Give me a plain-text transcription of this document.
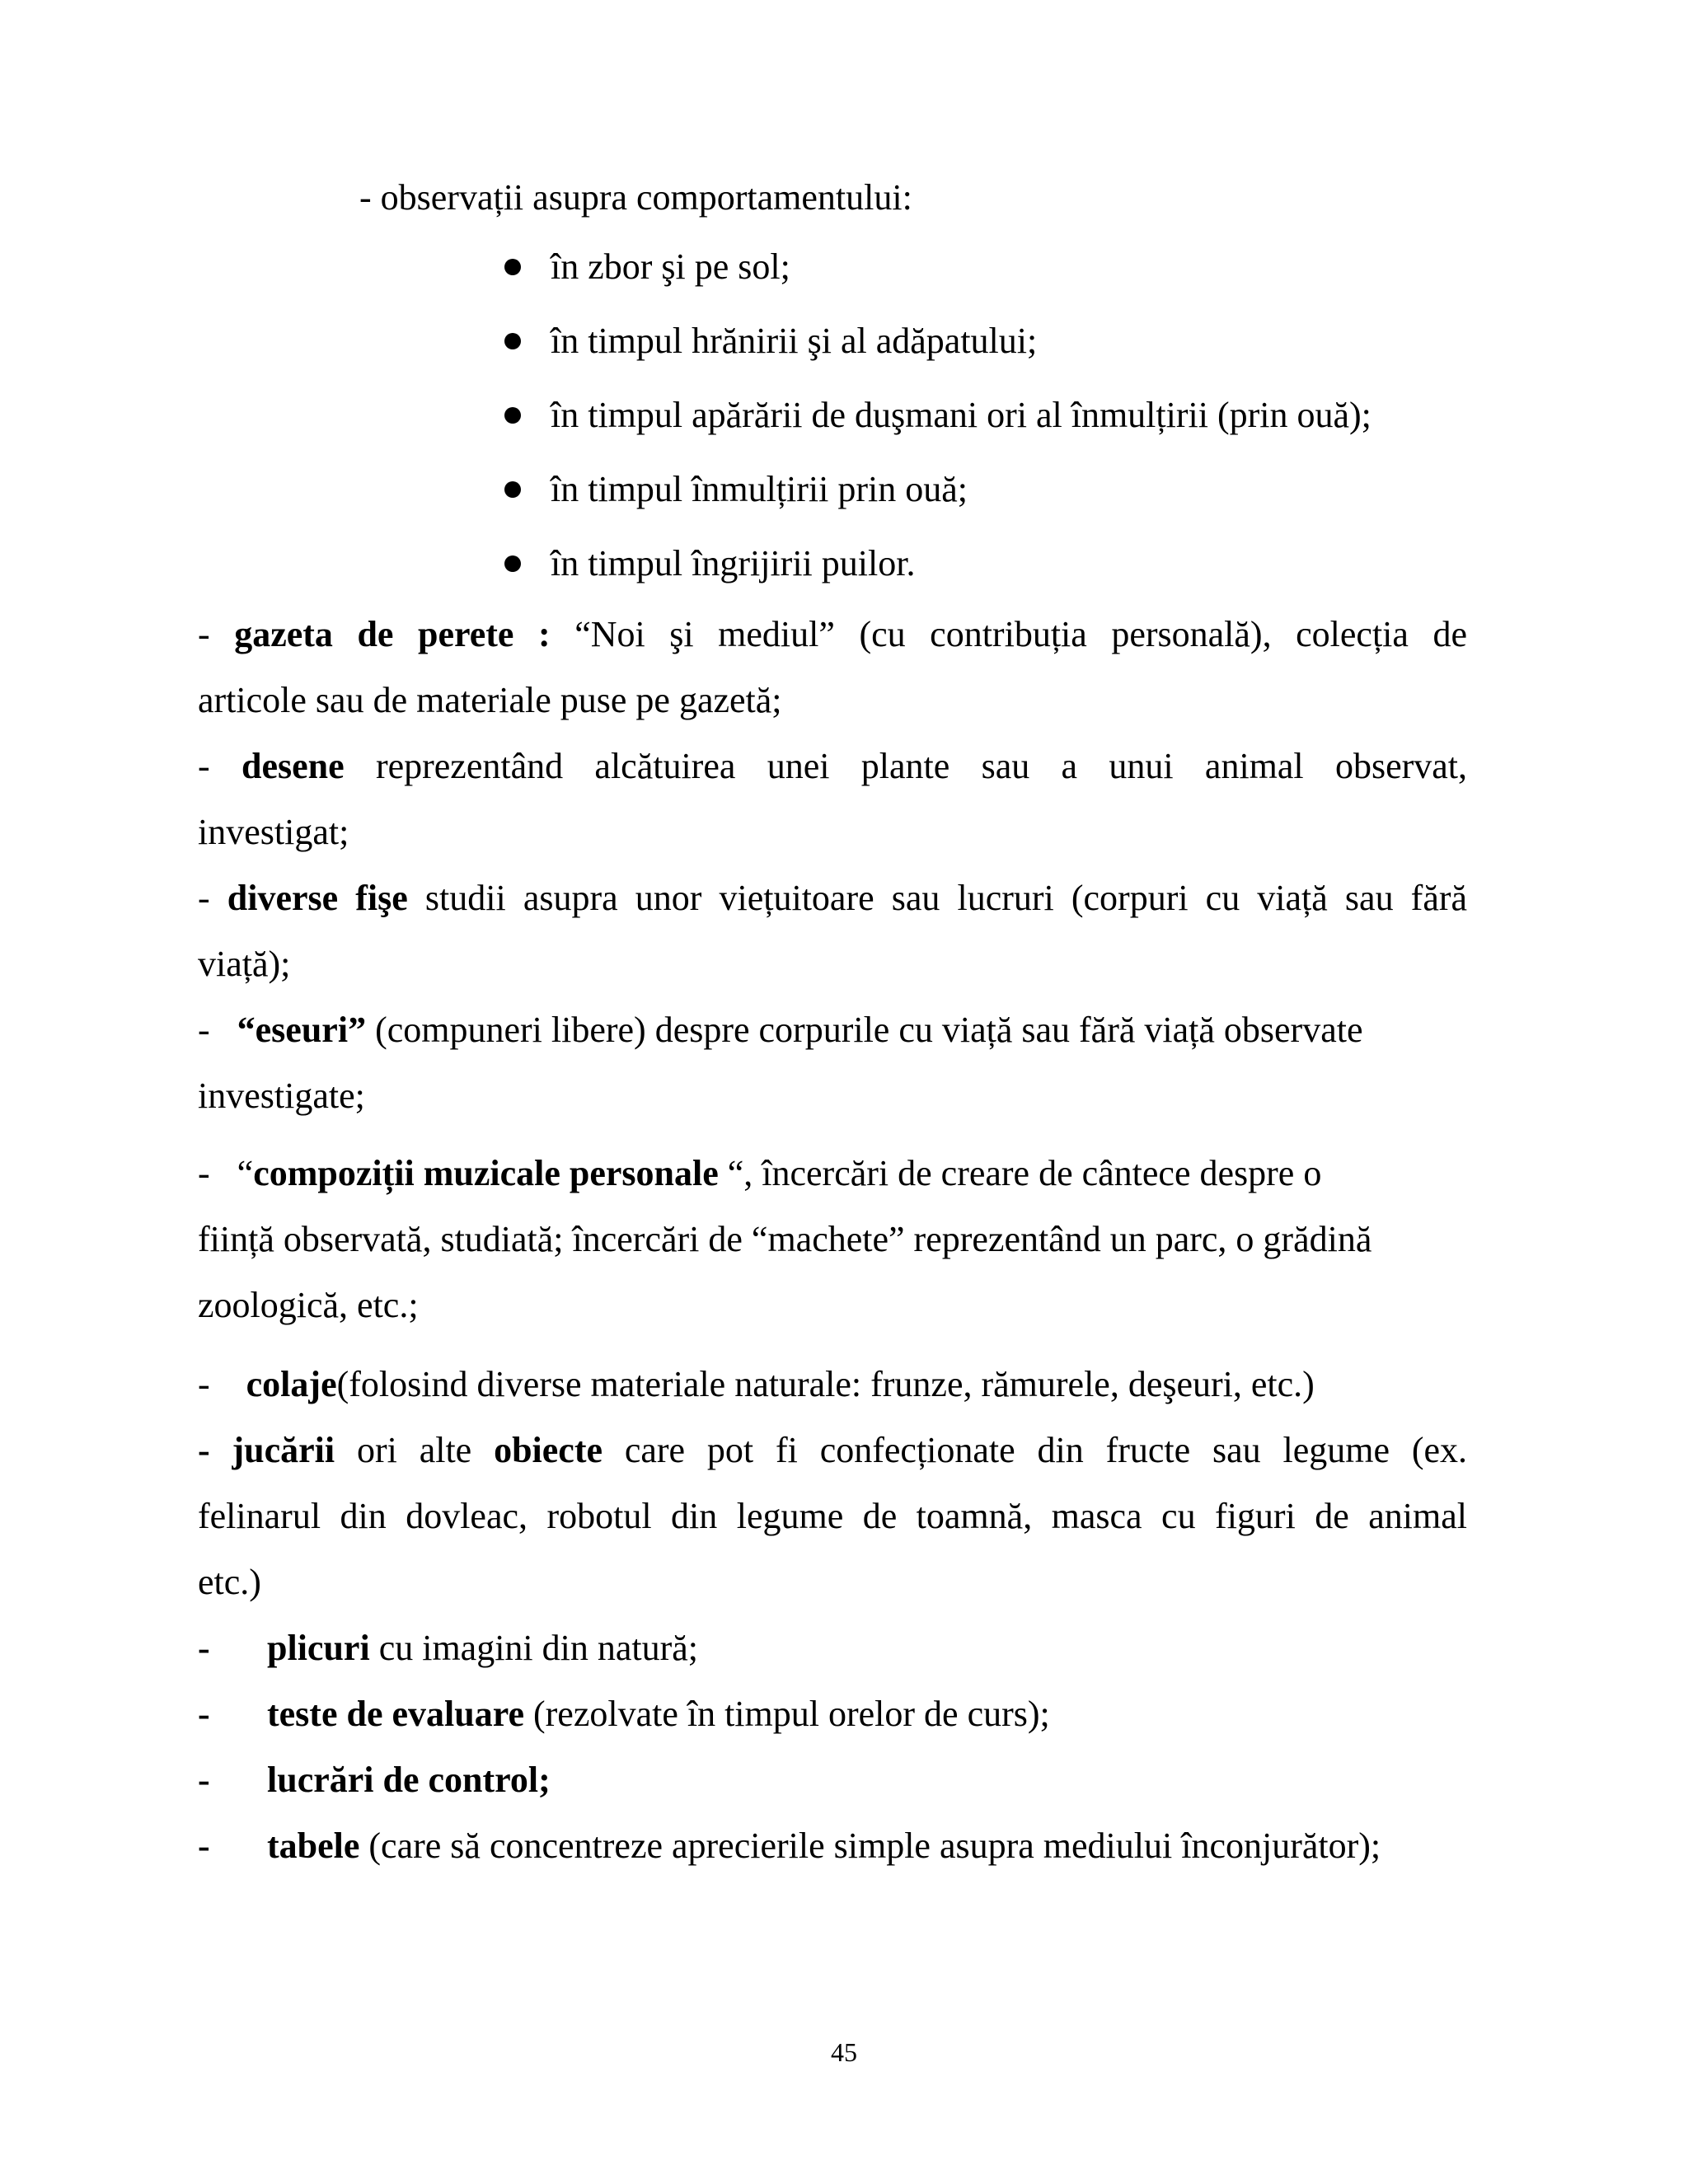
- observații asupra comportamentului:
în zbor şi pe sol;
în timpul hrănirii şi al adăpatului;
în timpul apărării de duşmani ori al înmulțirii (prin ouă);
în timpul înmulțirii prin ouă;
în timpul îngrijirii puilor.
- gazeta de perete : “Noi şi mediul” (cu contribuția personală), colecția de
articole sau de materiale puse pe gazetă;
- desene reprezentând alcătuirea unei plante sau a unui animal observat,
investigat;
- diverse fişe studii asupra unor viețuitoare sau lucruri (corpuri cu viață sau fără
viață);
- “eseuri” (compuneri libere) despre corpurile cu viață sau fără viață observate
investigate;
- “compoziții muzicale personale “, încercări de creare de cântece despre o
ființă observată, studiată; încercări de “machete” reprezentând un parc, o grădină
zoologică, etc.;
- colaje(folosind diverse materiale naturale: frunze, rămurele, deşeuri, etc.)
- jucării ori alte obiecte care pot fi confecționate din fructe sau legume (ex.
felinarul din dovleac, robotul din legume de toamnă, masca cu figuri de animal
etc.)
- plicuri cu imagini din natură;
- teste de evaluare (rezolvate în timpul orelor de curs);
- lucrări de control;
- tabele (care să concentreze aprecierile simple asupra mediului înconjurător);
45
